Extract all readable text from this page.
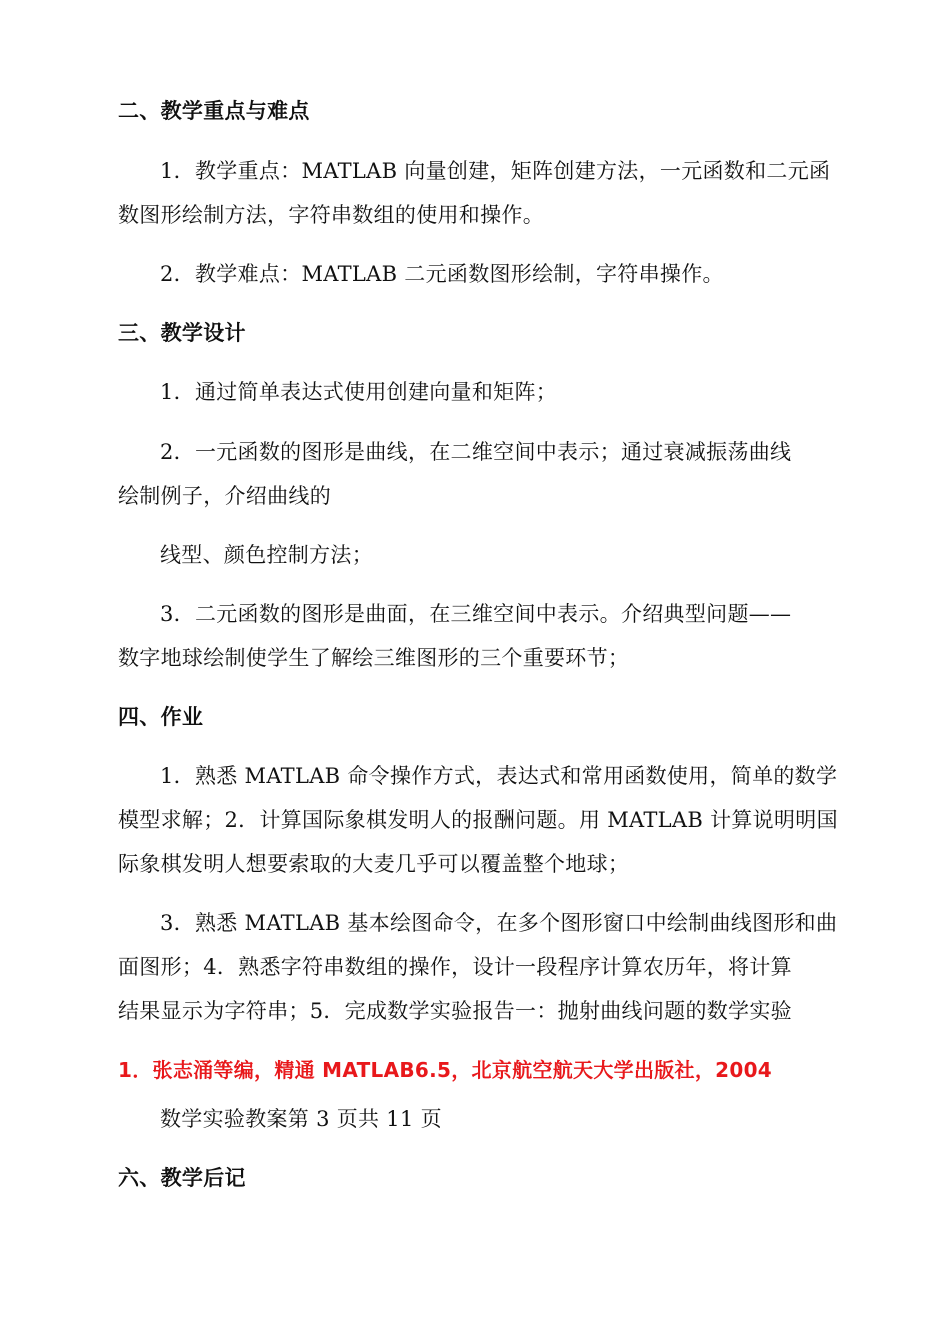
二、教学重点与难点
1．教学重点：MATLAB 向量创建，矩阵创建方法，一元函数和二元函
数图形绘制方法，字符串数组的使用和操作。
2．教学难点：MATLAB 二元函数图形绘制，字符串操作。
三、教学设计
1．通过简单表达式使用创建向量和矩阵；
2．一元函数的图形是曲线，在二维空间中表示；通过衰减振荡曲线
绘制例子，介绍曲线的
线型、颜色控制方法；
3．二元函数的图形是曲面，在三维空间中表示。介绍典型问题——
数字地球绘制使学生了解绘三维图形的三个重要环节；
四、作业
1．熟悉 MATLAB 命令操作方式，表达式和常用函数使用，简单的数学
模型求解；2．计算国际象棋发明人的报酬问题。用 MATLAB 计算说明明国
际象棋发明人想要索取的大麦几乎可以覆盖整个地球；
3．熟悉 MATLAB 基本绘图命令，在多个图形窗口中绘制曲线图形和曲
面图形；4．熟悉字符串数组的操作，设计一段程序计算农历年，将计算
结果显示为字符串；5．完成数学实验报告一：抛射曲线问题的数学实验
1．张志涌等编，精通 MATLAB6.5，北京航空航天大学出版社，2004
数学实验教案第 3 页共 11 页
六、教学后记
